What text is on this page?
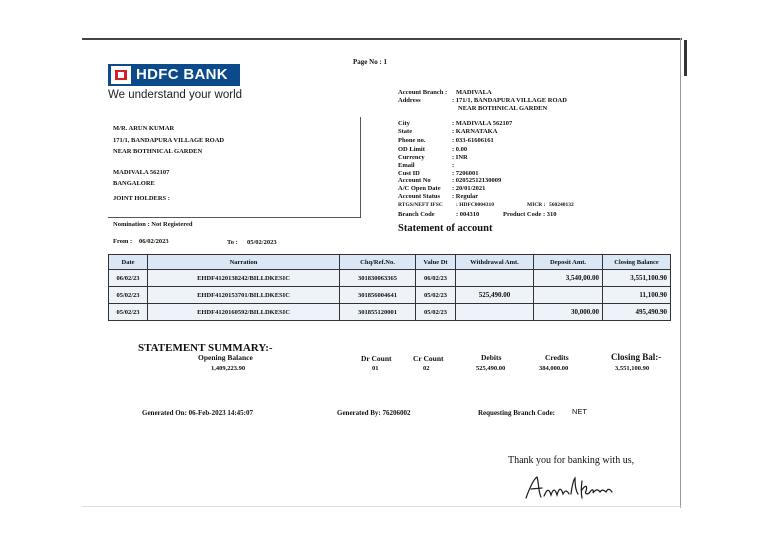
Page No : 1
HDFC BANK
We understand your world
M/R. ARUN KUMAR
171/1, BANDAPURA VILLAGE ROAD
NEAR BOTHNICAL GARDEN
MADIVALA 562107
BANGALORE
JOINT HOLDERS :
Nomination : Not Registered
Account Branch : MADIVALA
Address	: 171/1, BANDAPURA VILLAGE ROAD
NEAR BOTHNICAL GARDEN
City	: MADIVALA 562107
State	: KARNATAKA
Phone no.	: 033-61606161
OD Limit	: 0.00
Currency	: INR
Email	:
Cust ID	: 7206001
Account No	: 02052512130009
A/C Open Date : 20/01/2021
Account Status : Regular
RTGS/NEFT IFSC : HDFC0004310	MICR : 560240132
Branch Code	: 004310	Product Code : 310
Statement of account
From : 06/02/2023	To : 05/02/2023
Date	Narration	Chq/Ref.No.	Value Dt	Withdrawal Amt.	Deposit Amt.	Closing Balance
06/02/23	EHDF4120138242/BILLDKESIC	301830063365	06/02/23		3,540,00.00	3,551,100.90
05/02/23	EHDF4120153701/BILLDKESIC	301856004641	05/02/23	525,490.00		11,100.90
05/02/23	EHDF4120160592/BILLDKESIC	301855120001	05/02/23		30,000.00	495,490.90
STATEMENT SUMMARY:-
Opening Balance
1,409,223.90
Dr Count
01
Cr Count
02
Debits
525,490.00
Credits
384,000.00
Closing Bal:-
3,551,100.90
Generated On: 06-Feb-2023 14:45:07	Generated By: 76206002	Requesting Branch Code: NET
Thank you for banking with us,
